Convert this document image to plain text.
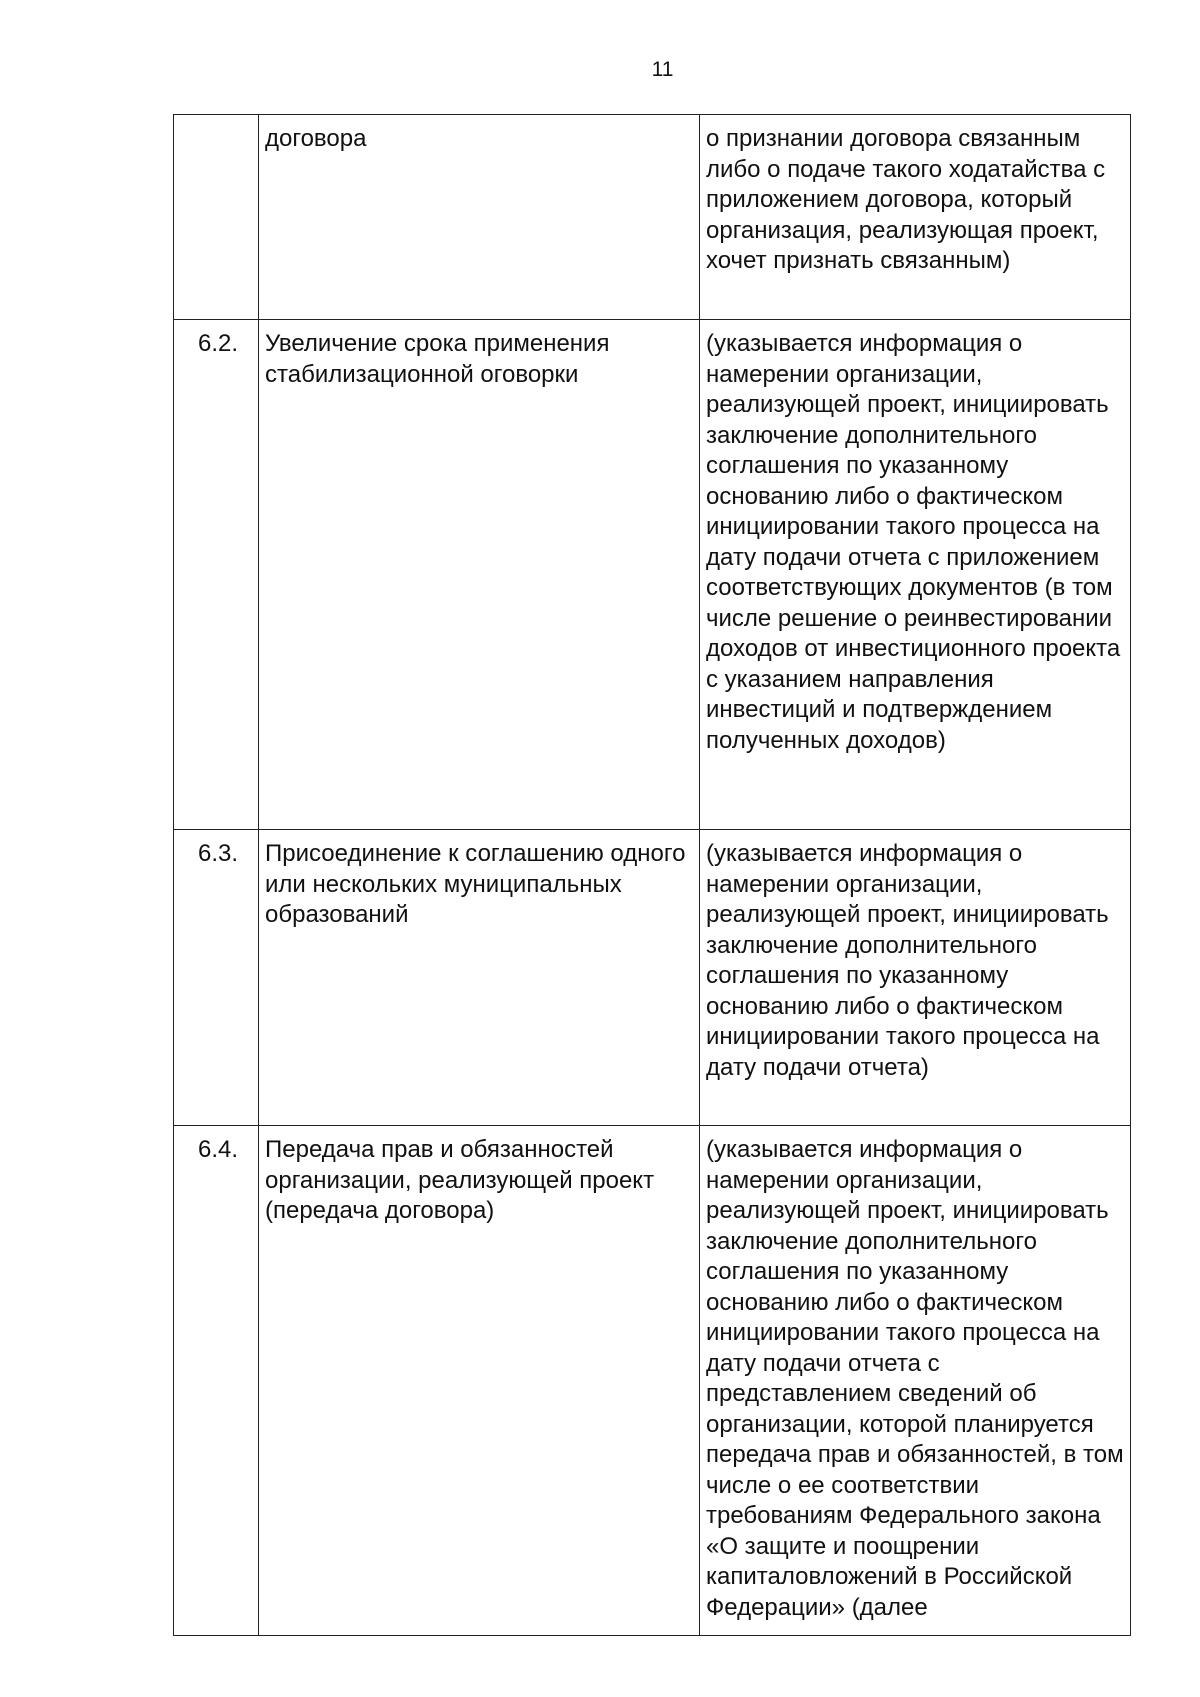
11
	договора	о признании договора связанным либо о подаче такого ходатайства с приложением договора, который организация, реализующая проект, хочет признать связанным)
6.2.	Увеличение срока применения стабилизационной оговорки	(указывается информация о намерении организации, реализующей проект, инициировать заключение дополнительного соглашения по указанному основанию либо о фактическом инициировании такого процесса на дату подачи отчета с приложением соответствующих документов (в том числе решение о реинвестировании доходов от инвестиционного проекта с указанием направления инвестиций и подтверждением полученных доходов)
6.3.	Присоединение к соглашению одного или нескольких муниципальных образований	(указывается информация о намерении организации, реализующей проект, инициировать заключение дополнительного соглашения по указанному основанию либо о фактическом инициировании такого процесса на дату подачи отчета)
6.4.	Передача прав и обязанностей организации, реализующей проект (передача договора)	(указывается информация о намерении организации, реализующей проект, инициировать заключение дополнительного соглашения по указанному основанию либо о фактическом инициировании такого процесса на дату подачи отчета с представлением сведений об организации, которой планируется передача прав и обязанностей, в том числе о ее соответствии требованиям Федерального закона «О защите и поощрении капиталовложений в Российской Федерации» (далее
